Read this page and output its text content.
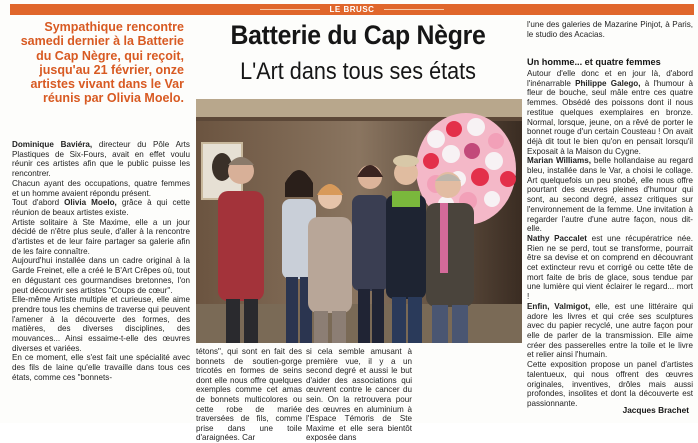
LE BRUSC
Sympathique rencontre samedi dernier à la Batterie du Cap Nègre, qui reçoit, jusqu'au 21 février, onze artistes vivant dans le Var réunis par Olivia Moelo.

Dominique Baviéra, directeur du Pôle Arts Plastiques de Six-Fours, avait en effet voulu réunir ces artistes afin que le public puisse les rencontrer.

Chacun ayant des occupations, quatre femmes et un homme avaient répondu présent.

Tout d'abord Olivia Moelo, grâce à qui cette réunion de beaux artistes existe.

Artiste solitaire à Ste Maxime, elle a un jour décidé de n'être plus seule, d'aller à la rencontre d'artistes et de leur faire partager sa galerie afin de les faire connaître.

Aujourd'hui installée dans un cadre original à la Garde Freinet, elle a créé le B'Art Crêpes où, tout en dégustant ces gourmandises bretonnes, l'on peut découvrir ses artistes "Coups de cœur".

Elle-même Artiste multiple et curieuse, elle aime prendre tous les chemins de traverse qui peuvent l'amener à la découverte des formes, des matières, des diverses disciplines, des mouvances... Ainsi essaime-t-elle des œuvres diverses et variées.

En ce moment, elle s'est fait une spécialité avec des fils de laine qu'elle travaille dans tous ces états, comme ces "bonnets-

Batterie du Cap Nègre
L'Art dans tous ses états
tétons", qui sont en fait des bonnets de soutien-gorge tricotés en formes de seins dont elle nous offre quelques exemples comme cet amas de bonnets multicolores ou cette robe de mariée traversées de fils, comme prise dans une toile d'araignées. Car
si cela semble amusant à première vue, il y a un second degré et aussi le but d'aider des associations qui œuvrent contre le cancer du sein. On la retrouvera pour des œuvres en aluminium à l'Espace Témoris de Ste Maxime et elle sera bientôt exposée dans
l'une des galeries de Mazarine Pinjot, à Paris, le studio des Acacias.
Un homme... et quatre femmes

Autour d'elle donc et en jour là, d'abord l'inénarrable Philippe Galego, à l'humour à fleur de bouche, seul mâle entre ces quatre femmes. Obsédé des poissons dont il nous restitue quelques exemplaires en bronze. Normal, lorsque, jeune, on a rêvé de porter le bonnet rouge d'un certain Cousteau ! On avait déjà dit tout le bien qu'on en pensait lorsqu'il Exposait à la Maison du Cygne.

Marian Williams, belle hollandaise au regard bleu, installée dans le Var, a choisi le collage. Art quelquefois un peu snobé, elle nous offre pourtant des œuvres pleines d'humour qui sont, au second degré, assez critiques sur l'environnement de la femme. Une invitation à regarder l'autre d'une autre façon, nous dit-elle.

Nathy Paccalet est une récupératrice née. Rien ne se perd, tout se transforme, pourrait être sa devise et on comprend en découvrant cet extincteur revu et corrigé ou cette tête de mort faite de bris de glace, sous tendue par une lumière qui vient éclairer le regard... mort !

Enfin, Valmigot, elle, est une littéraire qui adore les livres et qui crée ses sculptures avec du papier recyclé, une autre façon pour elle de parler de la transmission. Elle aime créer des passerelles entre la toile et le livre et relier ainsi l'humain.

Cette exposition propose un panel d'artistes talentueux, qui nous offrent des œuvres originales, inventives, drôles mais aussi profondes, insolites et dont la découverte est passionnante.

Jacques Brachet
